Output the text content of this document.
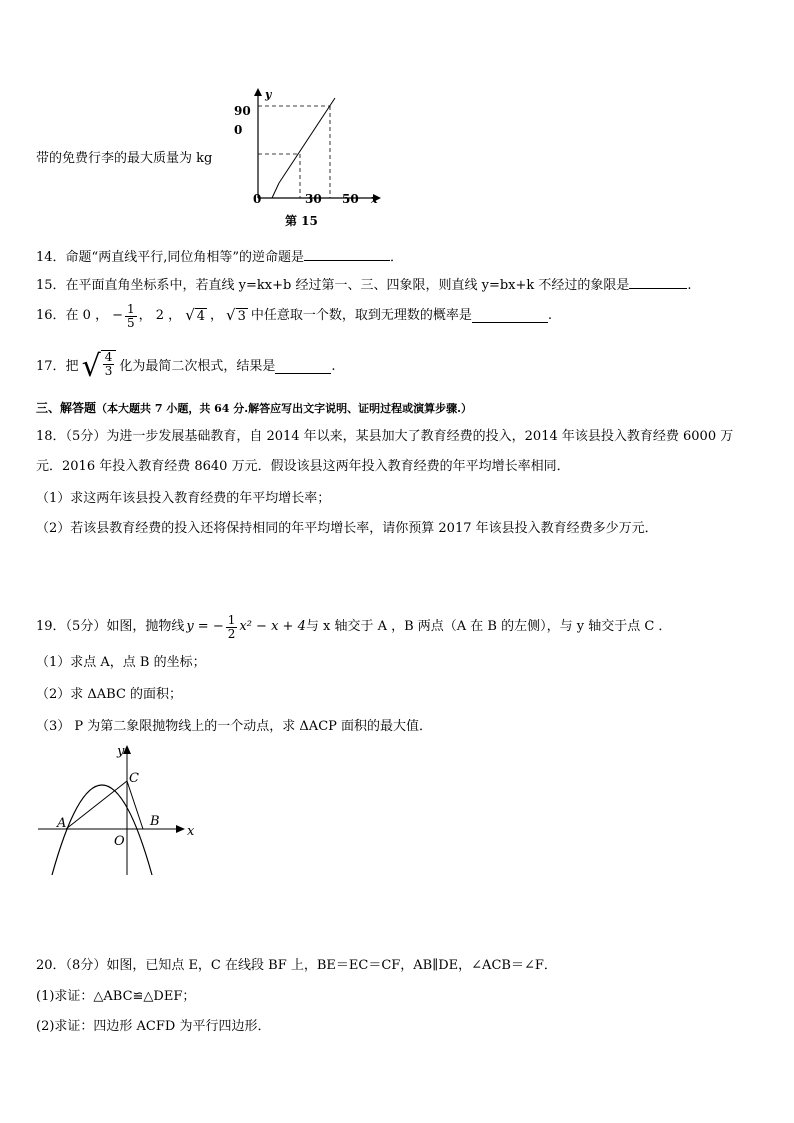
带的免费行李的最大质量为 kg
y
x
90
0
0	30 50
第 15
14．命题“两直线平行,同位角相等”的逆命题是	．
15．在平面直角坐标系中，若直线 y=kx+b 经过第一、三、四象限，则直线 y=bx+k 不经过的象限是	.
16． 在 0 ， − $\frac{1}{5}$ ， 2 ， √ 4 ， √ 3 中任意取一个数，取到无理数的概率是	.
17． 把 √ $\frac{4}{3}$ 化为最简二次根式，结果是	.
三、解答题（本大题共 7 小题，共 64 分.解答应写出文字说明、证明过程或演算步骤.）
18．（5分）为进一步发展基础教育，自 2014 年以来，某县加大了教育经费的投入，2014 年该县投入教育经费 6000 万
元．2016 年投入教育经费 8640 万元．假设该县这两年投入教育经费的年平均增长率相同．
（1）求这两年该县投入教育经费的年平均增长率；
（2）若该县教育经费的投入还将保持相同的年平均增长率，请你预算 2017 年该县投入教育经费多少万元．
19．（5分）如图，抛物线 y = − $\frac{1}{2} x^2 - x + 4$ 与 x 轴交于 A ，B 两点（A 在 B 的左侧），与 y 轴交于点 C ．
（1）求点 A，点 B 的坐标；
（2）求 ΔABC 的面积；
（3） P 为第二象限抛物线上的一个动点，求 ΔACP 面积的最大值．
y
x
A	B
C
O
20．（8分）如图，已知点 E，C 在线段 BF 上，BE＝EC＝CF，AB∥DE，∠ACB＝∠F．
(1)求证：△ABC≌△DEF；
(2)求证：四边形 ACFD 为平行四边形．
